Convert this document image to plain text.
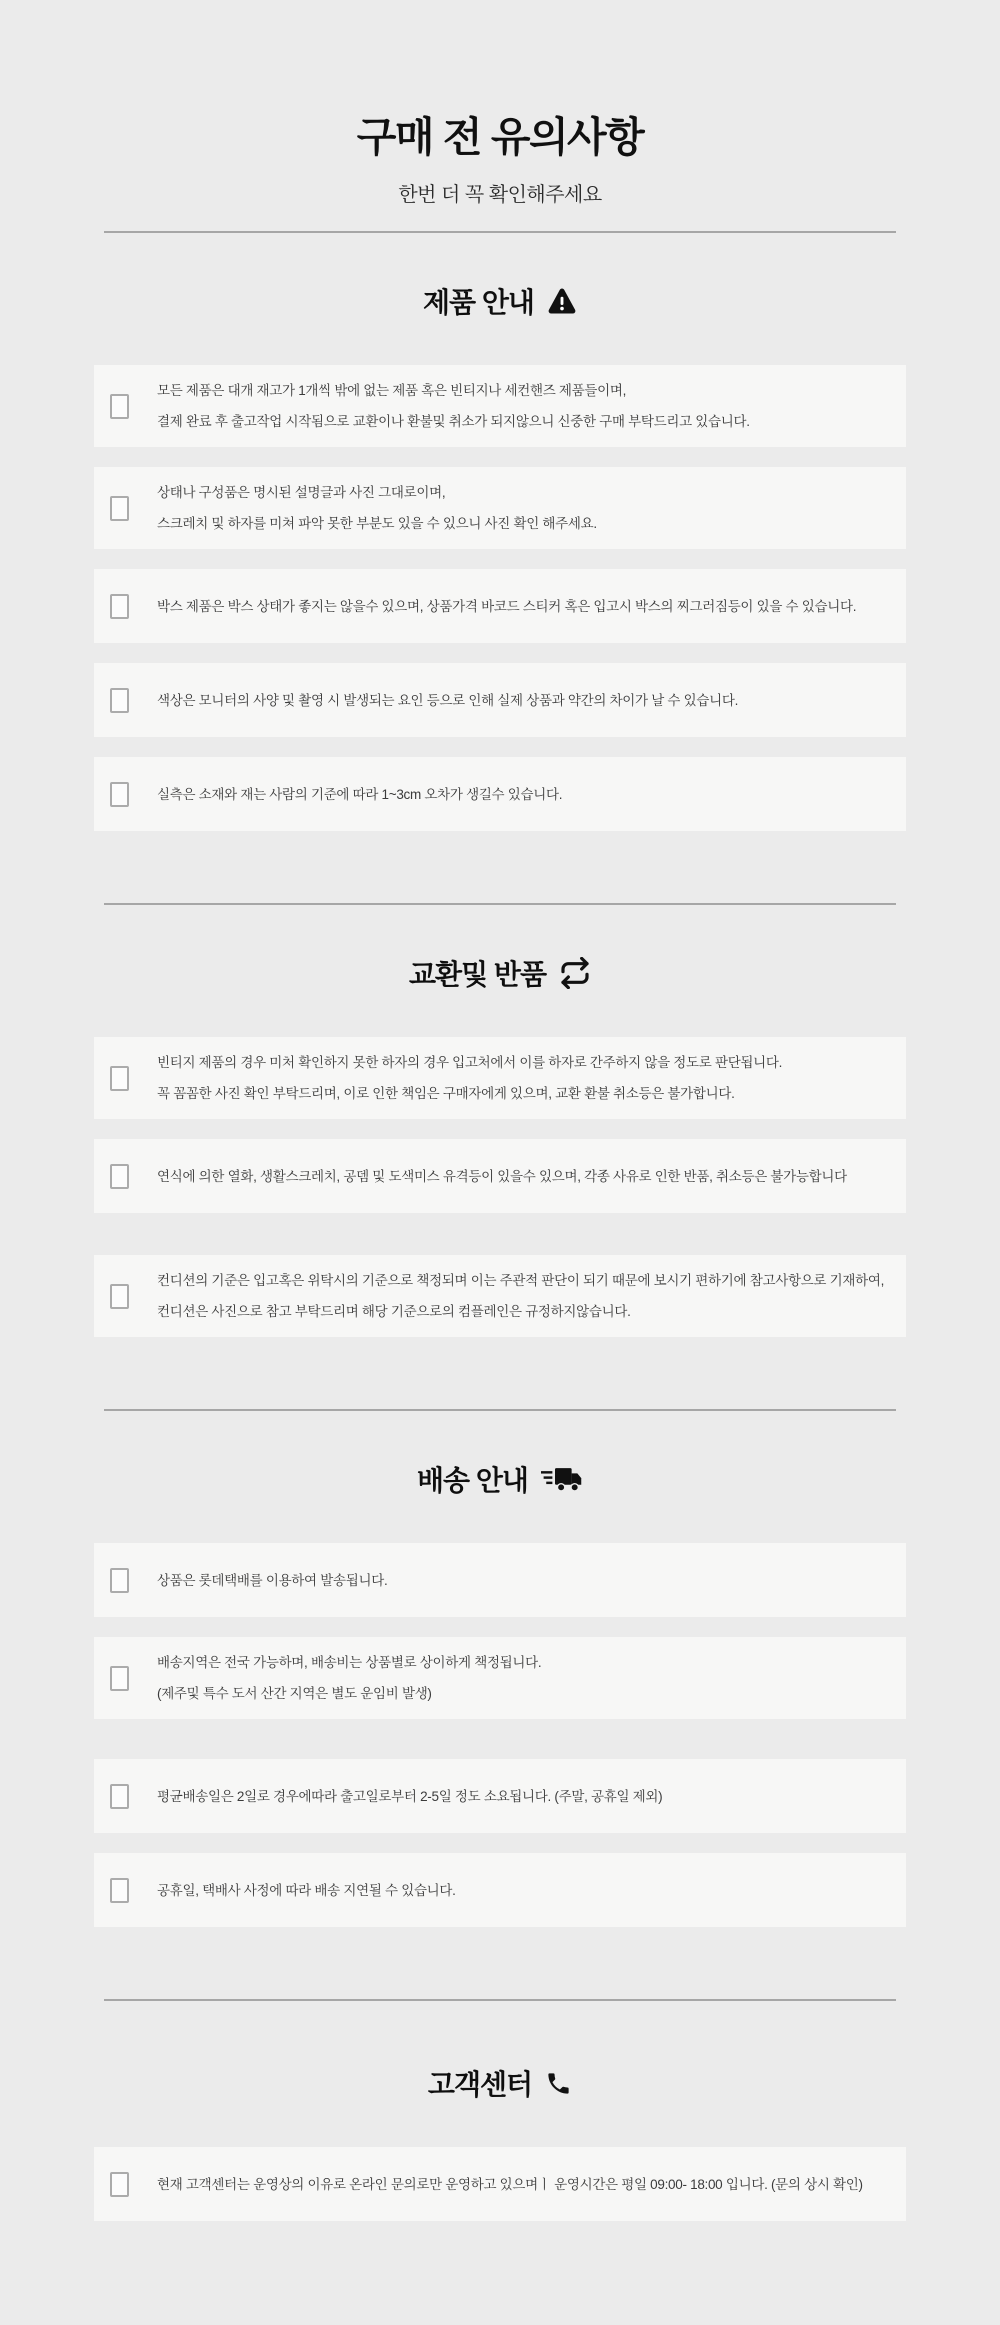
구매 전 유의사항

한번 더 꼭 확인해주세요

제품 안내

모든 제품은 대개 재고가 1개씩 밖에 없는 제품 혹은 빈티지나 세컨핸즈 제품들이며,

결제 완료 후 출고작업 시작됨으로 교환이나 환불및 취소가 되지않으니 신중한 구매 부탁드리고 있습니다.

상태나 구성품은 명시된 설명글과 사진 그대로이며,

스크레치 및 하자를 미쳐 파악 못한 부분도 있을 수 있으니 사진 확인 해주세요.

박스 제품은 박스 상태가 좋지는 않을수 있으며, 상품가격 바코드 스티커 혹은 입고시 박스의 찌그러짐등이 있을 수 있습니다.

색상은 모니터의 사양 및 촬영 시 발생되는 요인 등으로 인해 실제 상품과 약간의 차이가 날 수 있습니다.

실측은 소재와 재는 사람의 기준에 따라 1~3cm 오차가 생길수 있습니다.

교환및 반품

빈티지 제품의 경우 미처 확인하지 못한 하자의 경우 입고처에서 이를 하자로 간주하지 않을 정도로 판단됩니다.

꼭 꼼꼼한 사진 확인 부탁드리며, 이로 인한 책임은 구매자에게 있으며, 교환 환불 취소등은 불가합니다.

연식에 의한 열화, 생활스크레치, 공뎀 및 도색미스 유격등이 있을수 있으며, 각종 사유로 인한 반품, 취소등은 불가능합니다

컨디션의 기준은 입고혹은 위탁시의 기준으로 책정되며 이는 주관적 판단이 되기 때문에 보시기 편하기에 참고사항으로 기재하여,

컨디션은 사진으로 참고 부탁드리며 해당 기준으로의 컴플레인은 규정하지않습니다.

배송 안내

상품은 롯데택배를 이용하여 발송됩니다.

배송지역은 전국 가능하며, 배송비는 상품별로 상이하게 책정됩니다.

(제주및 특수 도서 산간 지역은 별도 운임비 발생)

평균배송일은 2일로 경우에따라 출고일로부터 2-5일 정도 소요됩니다. (주말, 공휴일 제외)

공휴일, 택배사 사정에 따라 배송 지연될 수 있습니다.

고객센터

현재 고객센터는 운영상의 이유로 온라인 문의로만 운영하고 있으며ㅣ 운영시간은 평일 09:00- 18:00 입니다. (문의 상시 확인)
